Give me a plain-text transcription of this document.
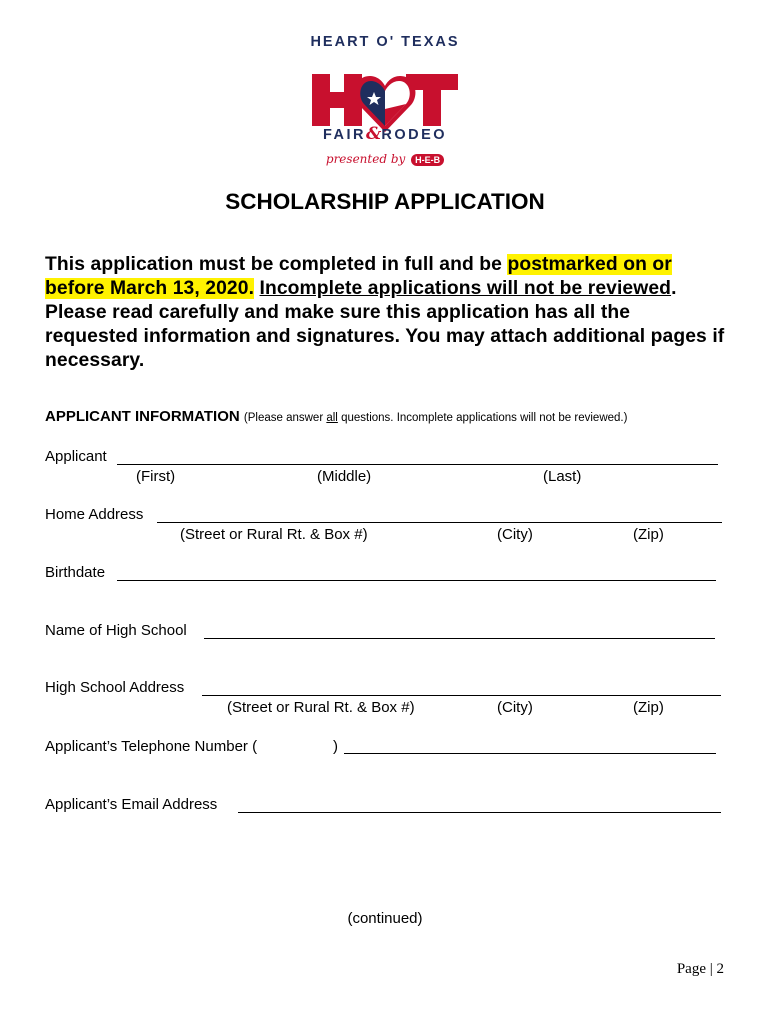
HEART O' TEXAS
FAIR&RODEO
presented by H-E-B
SCHOLARSHIP APPLICATION
This application must be completed in full and be postmarked on or
before March 13, 2020. Incomplete applications will not be reviewed.
Please read carefully and make sure this application has all the requested information and signatures. You may attach additional pages if necessary.
APPLICANT INFORMATION (Please answer all questions. Incomplete applications will not be reviewed.)
Applicant
(First)	(Middle)	(Last)
Home Address
(Street or Rural Rt. & Box #)	(City)	(Zip)
Birthdate
Name of High School
High School Address
(Street or Rural Rt. & Box #)	(City)	(Zip)
Applicant’s Telephone Number (	)
Applicant’s Email Address
(continued)
Page | 2
